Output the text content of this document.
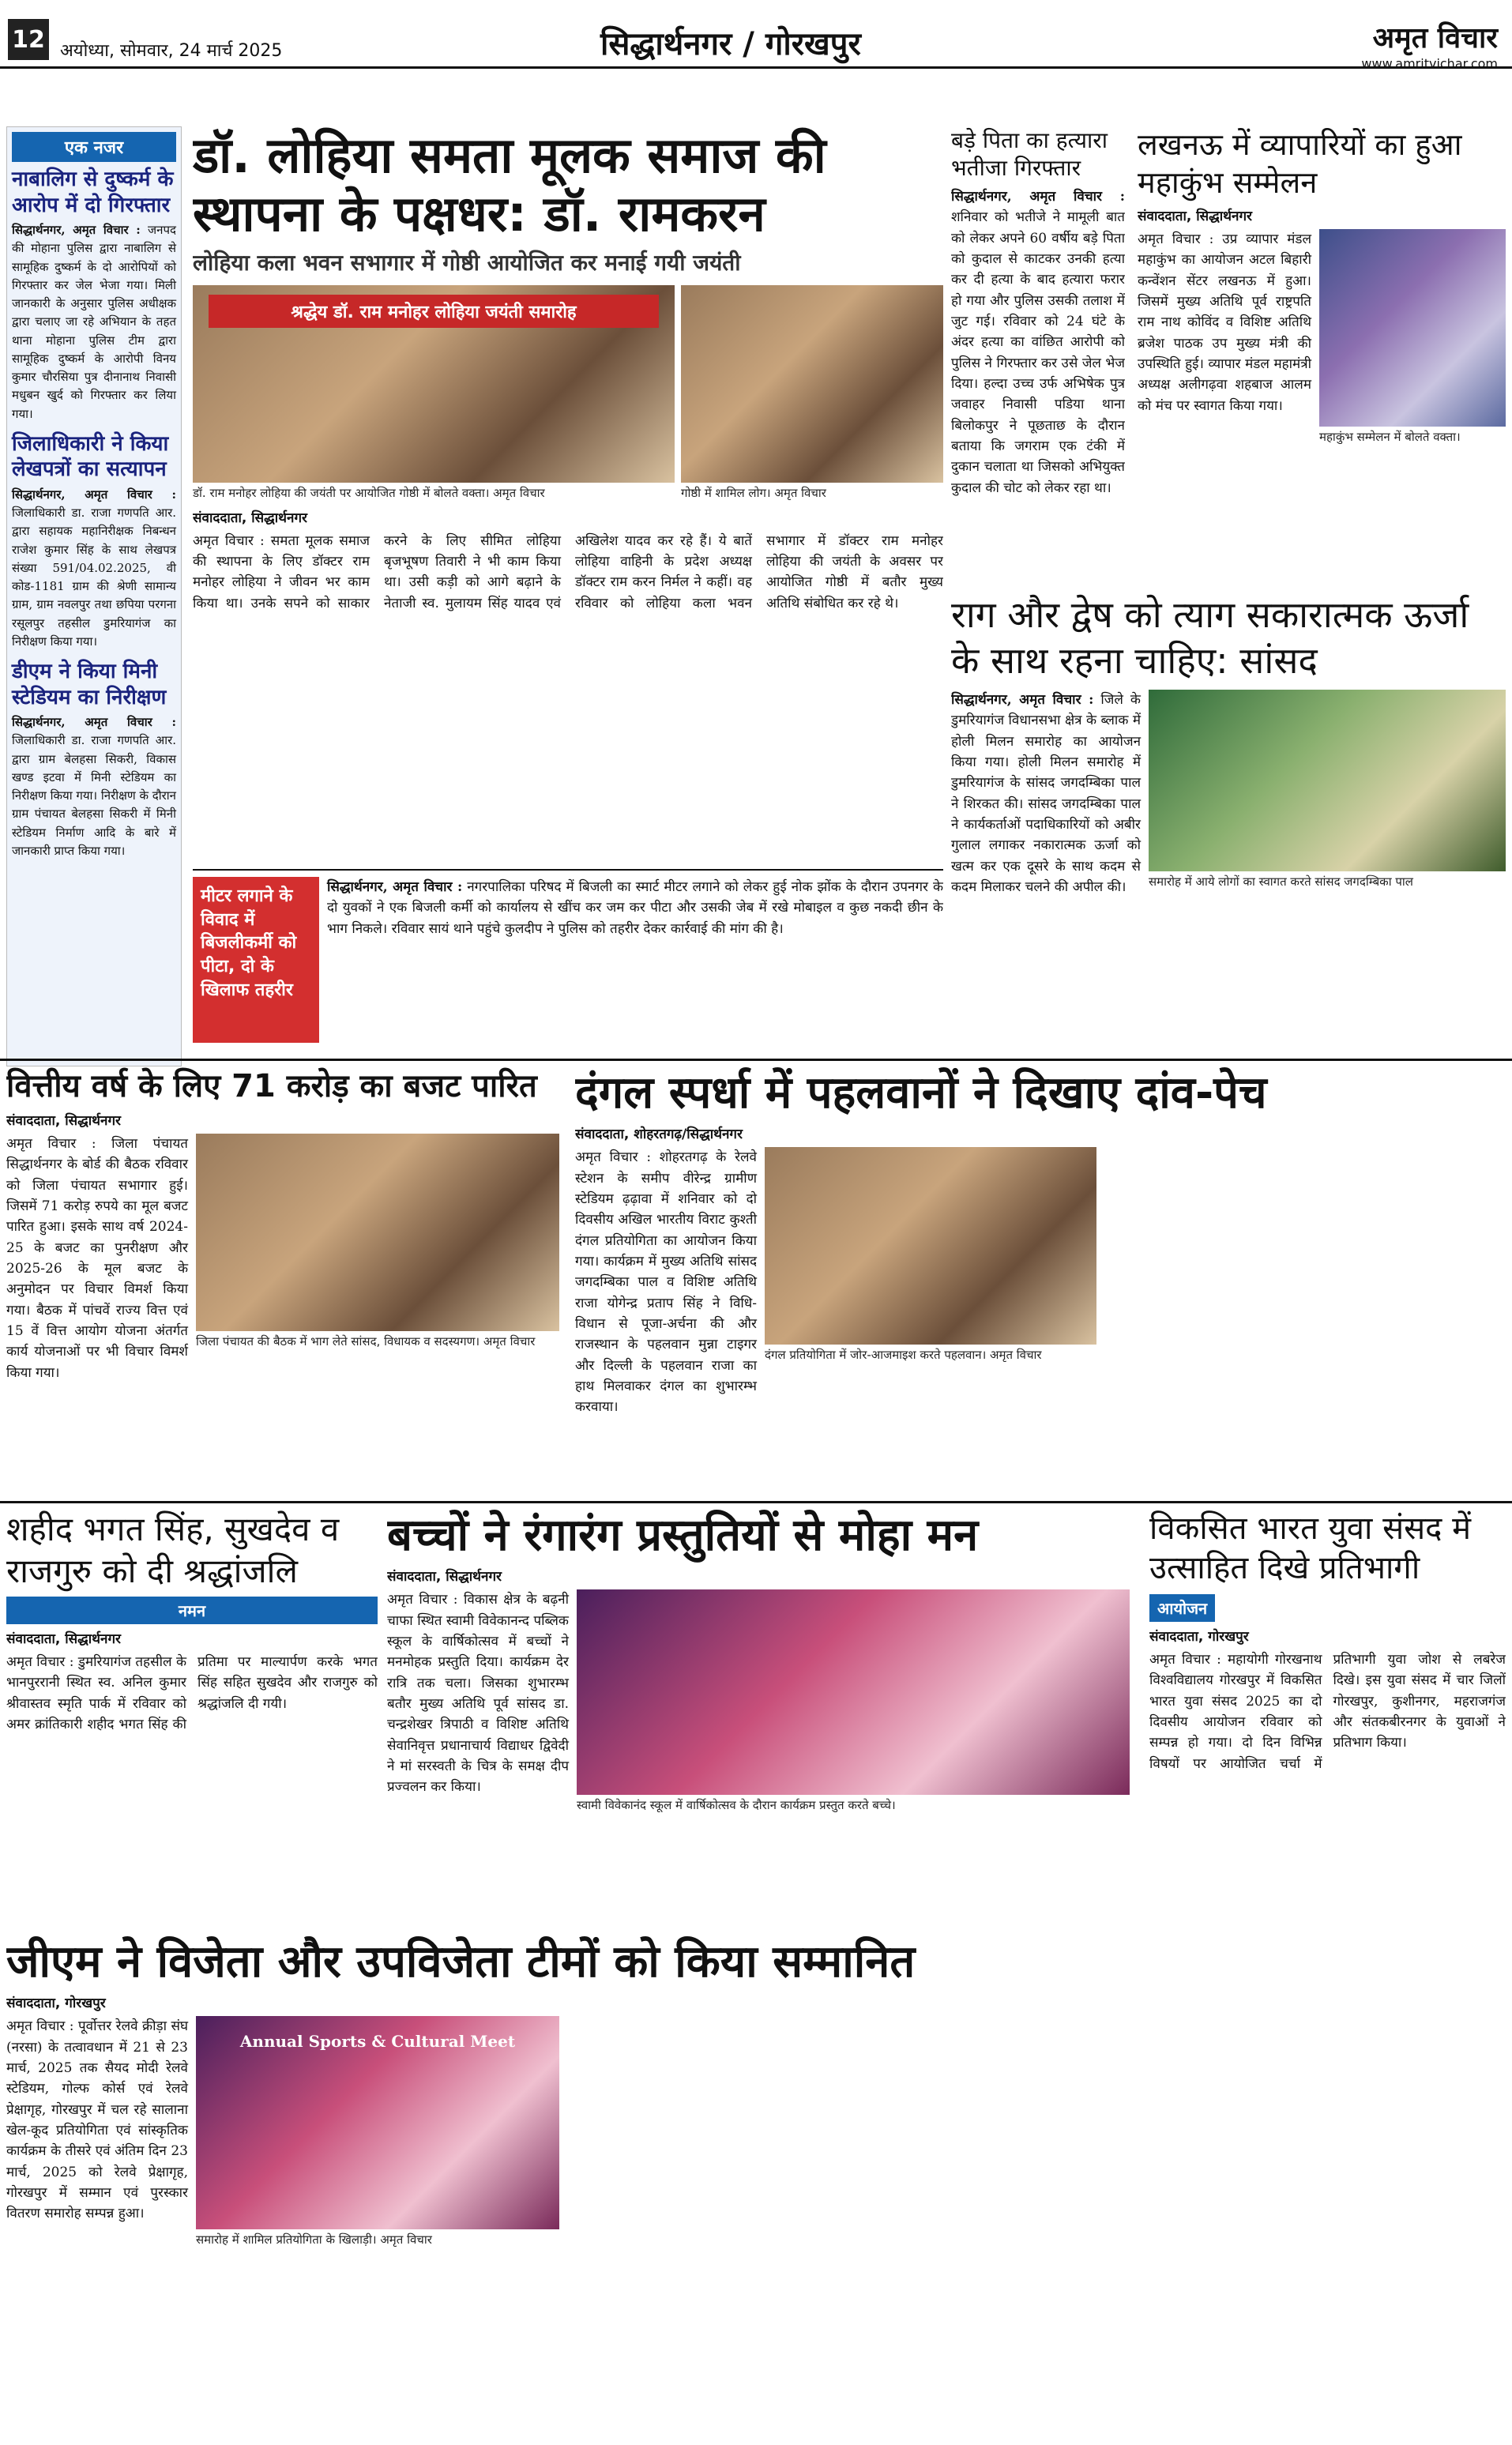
12 अयोध्या, सोमवार, 24 मार्च 2025	सिद्धार्थनगर / गोरखपुर	अमृत विचार
www.amritvichar.com
एक नजर
नाबालिग से दुष्कर्म के आरोप में दो गिरफ्तार
सिद्धार्थनगर, अमृत विचार : जनपद की मोहाना पुलिस द्वारा नाबालिग से सामूहिक दुष्कर्म के दो आरोपियों को गिरफ्तार कर जेल भेजा गया। मिली जानकारी के अनुसार पुलिस अधीक्षक द्वारा चलाए जा रहे अभियान के तहत थाना मोहाना पुलिस टीम द्वारा सामूहिक दुष्कर्म के आरोपी विनय कुमार चौरसिया पुत्र दीनानाथ निवासी मधुबन खुर्द को गिरफ्तार कर लिया गया।
जिलाधिकारी ने किया लेखपत्रों का सत्यापन
सिद्धार्थनगर, अमृत विचार : जिलाधिकारी डा. राजा गणपति आर. द्वारा सहायक महानिरीक्षक निबन्धन राजेश कुमार सिंह के साथ लेखपत्र संख्या 591/04.02.2025, वी कोड-1181 ग्राम की श्रेणी सामान्य ग्राम, ग्राम नवलपुर तथा छपिया परगना रसूलपुर तहसील डुमरियागंज का निरीक्षण किया गया।
डीएम ने किया मिनी स्टेडियम का निरीक्षण
सिद्धार्थनगर, अमृत विचार : जिलाधिकारी डा. राजा गणपति आर. द्वारा ग्राम बेलहसा सिकरी, विकास खण्ड इटवा में मिनी स्टेडियम का निरीक्षण किया गया। निरीक्षण के दौरान ग्राम पंचायत बेलहसा सिकरी में मिनी स्टेडियम निर्माण आदि के बारे में जानकारी प्राप्त किया गया।
डॉ. लोहिया समता मूलक समाज की स्थापना के पक्षधर: डॉ. रामकरन
लोहिया कला भवन सभागार में गोष्ठी आयोजित कर मनाई गयी जयंती
श्रद्धेय डॉ. राम मनोहर लोहिया जयंती समारोह
डॉ. राम मनोहर लोहिया की जयंती पर आयोजित गोष्ठी में बोलते वक्ता। अमृत विचार	गोष्ठी में शामिल लोग। अमृत विचार
संवाददाता, सिद्धार्थनगर
अमृत विचार : समता मूलक समाज की स्थापना के लिए डॉक्टर राम मनोहर लोहिया ने जीवन भर काम किया था। उनके सपने को साकार करने के लिए सीमित लोहिया बृजभूषण तिवारी ने भी काम किया था। उसी कड़ी को आगे बढ़ाने के नेताजी स्व. मुलायम सिंह यादव एवं अखिलेश यादव कर रहे हैं। ये बातें लोहिया वाहिनी के प्रदेश अध्यक्ष डॉक्टर राम करन निर्मल ने कहीं। वह रविवार को लोहिया कला भवन सभागार में डॉक्टर राम मनोहर लोहिया की जयंती के अवसर पर आयोजित गोष्ठी में बतौर मुख्य अतिथि संबोधित कर रहे थे।
बड़े पिता का हत्यारा भतीजा गिरफ्तार
सिद्धार्थनगर, अमृत विचार : शनिवार को भतीजे ने मामूली बात को लेकर अपने 60 वर्षीय बड़े पिता को कुदाल से काटकर उनकी हत्या कर दी हत्या के बाद हत्यारा फरार हो गया और पुलिस उसकी तलाश में जुट गई। रविवार को 24 घंटे के अंदर हत्या का वांछित आरोपी को पुलिस ने गिरफ्तार कर उसे जेल भेज दिया। हल्दा उच्च उर्फ अभिषेक पुत्र जवाहर निवासी पडिया थाना बिलोकपुर ने पूछताछ के दौरान बताया कि जगराम एक टंकी में दुकान चलाता था जिसको अभियुक्त कुदाल की चोट को लेकर रहा था।
लखनऊ में व्यापारियों का हुआ महाकुंभ सम्मेलन
संवाददाता, सिद्धार्थनगर
अमृत विचार : उप्र व्यापार मंडल महाकुंभ का आयोजन अटल बिहारी कन्वेंशन सेंटर लखनऊ में हुआ। जिसमें मुख्य अतिथि पूर्व राष्ट्रपति राम नाथ कोविंद व विशिष्ट अतिथि ब्रजेश पाठक उप मुख्य मंत्री की उपस्थिति हुई। व्यापार मंडल महामंत्री अध्यक्ष अलीगढ़वा शहबाज आलम को मंच पर स्वागत किया गया।
महाकुंभ सम्मेलन में बोलते वक्ता।
राग और द्वेष को त्याग सकारात्मक ऊर्जा के साथ रहना चाहिए: सांसद
सिद्धार्थनगर, अमृत विचार : जिले के डुमरियागंज विधानसभा क्षेत्र के ब्लाक में होली मिलन समारोह का आयोजन किया गया। होली मिलन समारोह में डुमरियागंज के सांसद जगदम्बिका पाल ने शिरकत की। सांसद जगदम्बिका पाल ने कार्यकर्ताओं पदाधिकारियों को अबीर गुलाल लगाकर नकारात्मक ऊर्जा को खत्म कर एक दूसरे के साथ कदम से कदम मिलाकर चलने की अपील की।	समारोह में आये लोगों का स्वागत करते सांसद जगदम्बिका पाल
मीटर लगाने के विवाद में बिजलीकर्मी को पीटा, दो के खिलाफ तहरीर
सिद्धार्थनगर, अमृत विचार : नगरपालिका परिषद में बिजली का स्मार्ट मीटर लगाने को लेकर हुई नोक झोंक के दौरान उपनगर के दो युवकों ने एक बिजली कर्मी को कार्यालय से खींच कर जम कर पीटा और उसकी जेब में रखे मोबाइल व कुछ नकदी छीन के भाग निकले। रविवार सायं थाने पहुंचे कुलदीप ने पुलिस को तहरीर देकर कार्रवाई की मांग की है।
वित्तीय वर्ष के लिए 71 करोड़ का बजट पारित
संवाददाता, सिद्धार्थनगर
अमृत विचार : जिला पंचायत सिद्धार्थनगर के बोर्ड की बैठक रविवार को जिला पंचायत सभागार हुई। जिसमें 71 करोड़ रुपये का मूल बजट पारित हुआ। इसके साथ वर्ष 2024-25 के बजट का पुनरीक्षण और 2025-26 के मूल बजट के अनुमोदन पर विचार विमर्श किया गया। बैठक में पांचवें राज्य वित्त एवं 15 वें वित्त आयोग योजना अंतर्गत कार्य योजनाओं पर भी विचार विमर्श किया गया।
जिला पंचायत की बैठक में भाग लेते सांसद, विधायक व सदस्यगण। अमृत विचार
दंगल स्पर्धा में पहलवानों ने दिखाए दांव-पेच
संवाददाता, शोहरतगढ़/सिद्धार्थनगर
अमृत विचार : शोहरतगढ़ के रेलवे स्टेशन के समीप वीरेन्द्र ग्रामीण स्टेडियम ढ़ढ़ावा में शनिवार को दो दिवसीय अखिल भारतीय विराट कुश्ती दंगल प्रतियोगिता का आयोजन किया गया। कार्यक्रम में मुख्य अतिथि सांसद जगदम्बिका पाल व विशिष्ट अतिथि राजा योगेन्द्र प्रताप सिंह ने विधि-विधान से पूजा-अर्चना की और राजस्थान के पहलवान मुन्ना टाइगर और दिल्ली के पहलवान राजा का हाथ मिलवाकर दंगल का शुभारम्भ करवाया।
दंगल प्रतियोगिता में जोर-आजमाइश करते पहलवान। अमृत विचार
शहीद भगत सिंह, सुखदेव व राजगुरु को दी श्रद्धांजलि
नमन
संवाददाता, सिद्धार्थनगर
अमृत विचार : डुमरियागंज तहसील के भानपुररानी स्थित स्व. अनिल कुमार श्रीवास्तव स्मृति पार्क में रविवार को अमर क्रांतिकारी शहीद भगत सिंह की प्रतिमा पर माल्यार्पण करके भगत सिंह सहित सुखदेव और राजगुरु को श्रद्धांजलि दी गयी।
बच्चों ने रंगारंग प्रस्तुतियों से मोहा मन
संवाददाता, सिद्धार्थनगर
अमृत विचार : विकास क्षेत्र के बढ़नी चाफा स्थित स्वामी विवेकानन्द पब्लिक स्कूल के वार्षिकोत्सव में बच्चों ने मनमोहक प्रस्तुति दिया। कार्यक्रम देर रात्रि तक चला। जिसका शुभारम्भ बतौर मुख्य अतिथि पूर्व सांसद डा. चन्द्रशेखर त्रिपाठी व विशिष्ट अतिथि सेवानिवृत्त प्रधानाचार्य विद्याधर द्विवेदी ने मां सरस्वती के चित्र के समक्ष दीप प्रज्वलन कर किया।
स्वामी विवेकानंद स्कूल में वार्षिकोत्सव के दौरान कार्यक्रम प्रस्तुत करते बच्चे।
विकसित भारत युवा संसद में उत्साहित दिखे प्रतिभागी
आयोजन
संवाददाता, गोरखपुर
अमृत विचार : महायोगी गोरखनाथ विश्वविद्यालय गोरखपुर में विकसित भारत युवा संसद 2025 का दो दिवसीय आयोजन रविवार को सम्पन्न हो गया। दो दिन विभिन्न विषयों पर आयोजित चर्चा में प्रतिभागी युवा जोश से लबरेज दिखे। इस युवा संसद में चार जिलों गोरखपुर, कुशीनगर, महराजगंज और संतकबीरनगर के युवाओं ने प्रतिभाग किया।
जीएम ने विजेता और उपविजेता टीमों को किया सम्मानित
संवाददाता, गोरखपुर
अमृत विचार : पूर्वोत्तर रेलवे क्रीड़ा संघ (नरसा) के तत्वावधान में 21 से 23 मार्च, 2025 तक सैयद मोदी रेलवे स्टेडियम, गोल्फ कोर्स एवं रेलवे प्रेक्षागृह, गोरखपुर में चल रहे सालाना खेल-कूद प्रतियोगिता एवं सांस्कृतिक कार्यक्रम के तीसरे एवं अंतिम दिन 23 मार्च, 2025 को रेलवे प्रेक्षागृह, गोरखपुर में सम्मान एवं पुरस्कार वितरण समारोह सम्पन्न हुआ।
Annual Sports & Cultural Meet
समारोह में शामिल प्रतियोगिता के खिलाड़ी। अमृत विचार
